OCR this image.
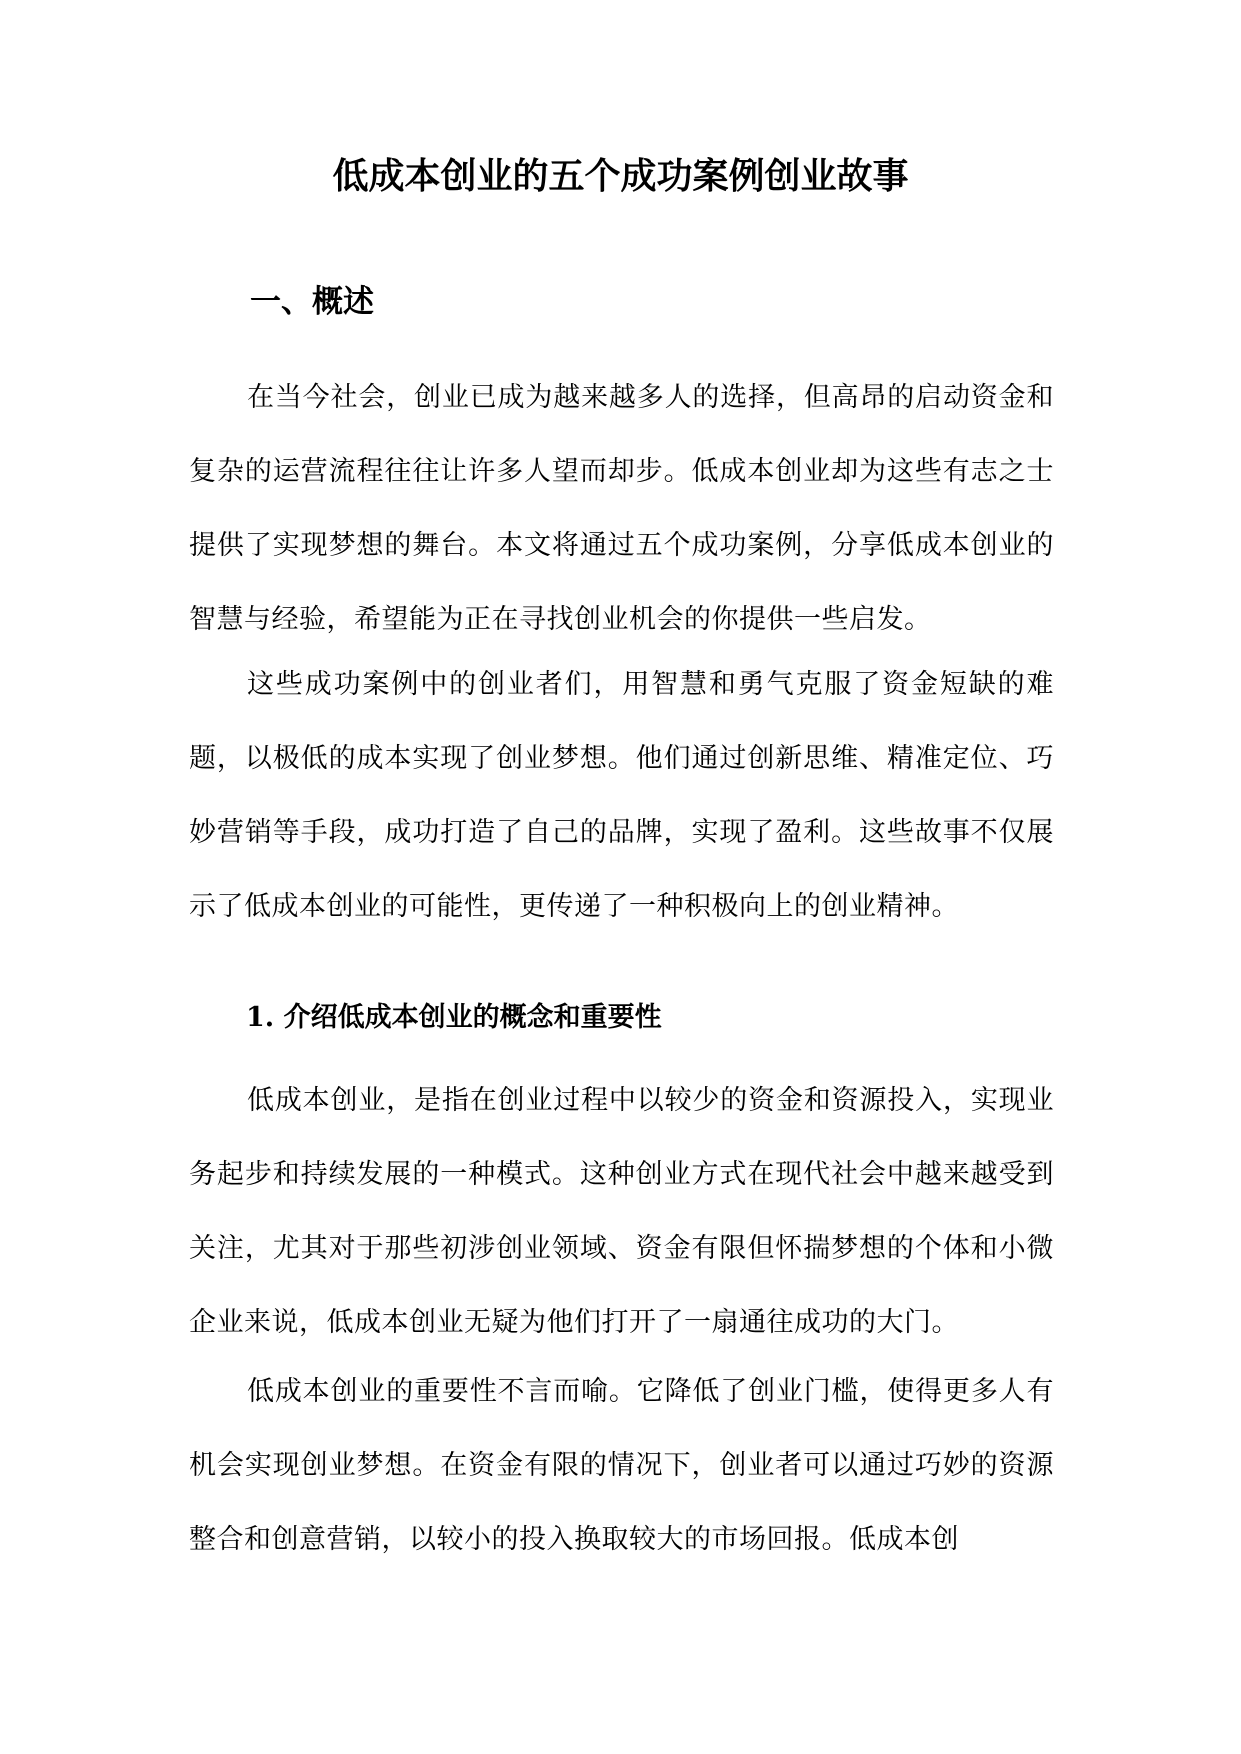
低成本创业的五个成功案例创业故事
一、概述

在当今社会，创业已成为越来越多人的选择，但高昂的启动资金和复杂的运营流程往往让许多人望而却步。低成本创业却为这些有志之士提供了实现梦想的舞台。本文将通过五个成功案例，分享低成本创业的智慧与经验，希望能为正在寻找创业机会的你提供一些启发。

这些成功案例中的创业者们，用智慧和勇气克服了资金短缺的难题，以极低的成本实现了创业梦想。他们通过创新思维、精准定位、巧妙营销等手段，成功打造了自己的品牌，实现了盈利。这些故事不仅展示了低成本创业的可能性，更传递了一种积极向上的创业精神。

1. 介绍低成本创业的概念和重要性

低成本创业，是指在创业过程中以较少的资金和资源投入，实现业务起步和持续发展的一种模式。这种创业方式在现代社会中越来越受到关注，尤其对于那些初涉创业领域、资金有限但怀揣梦想的个体和小微企业来说，低成本创业无疑为他们打开了一扇通往成功的大门。

低成本创业的重要性不言而喻。它降低了创业门槛，使得更多人有机会实现创业梦想。在资金有限的情况下，创业者可以通过巧妙的资源整合和创意营销，以较小的投入换取较大的市场回报。低成本创
